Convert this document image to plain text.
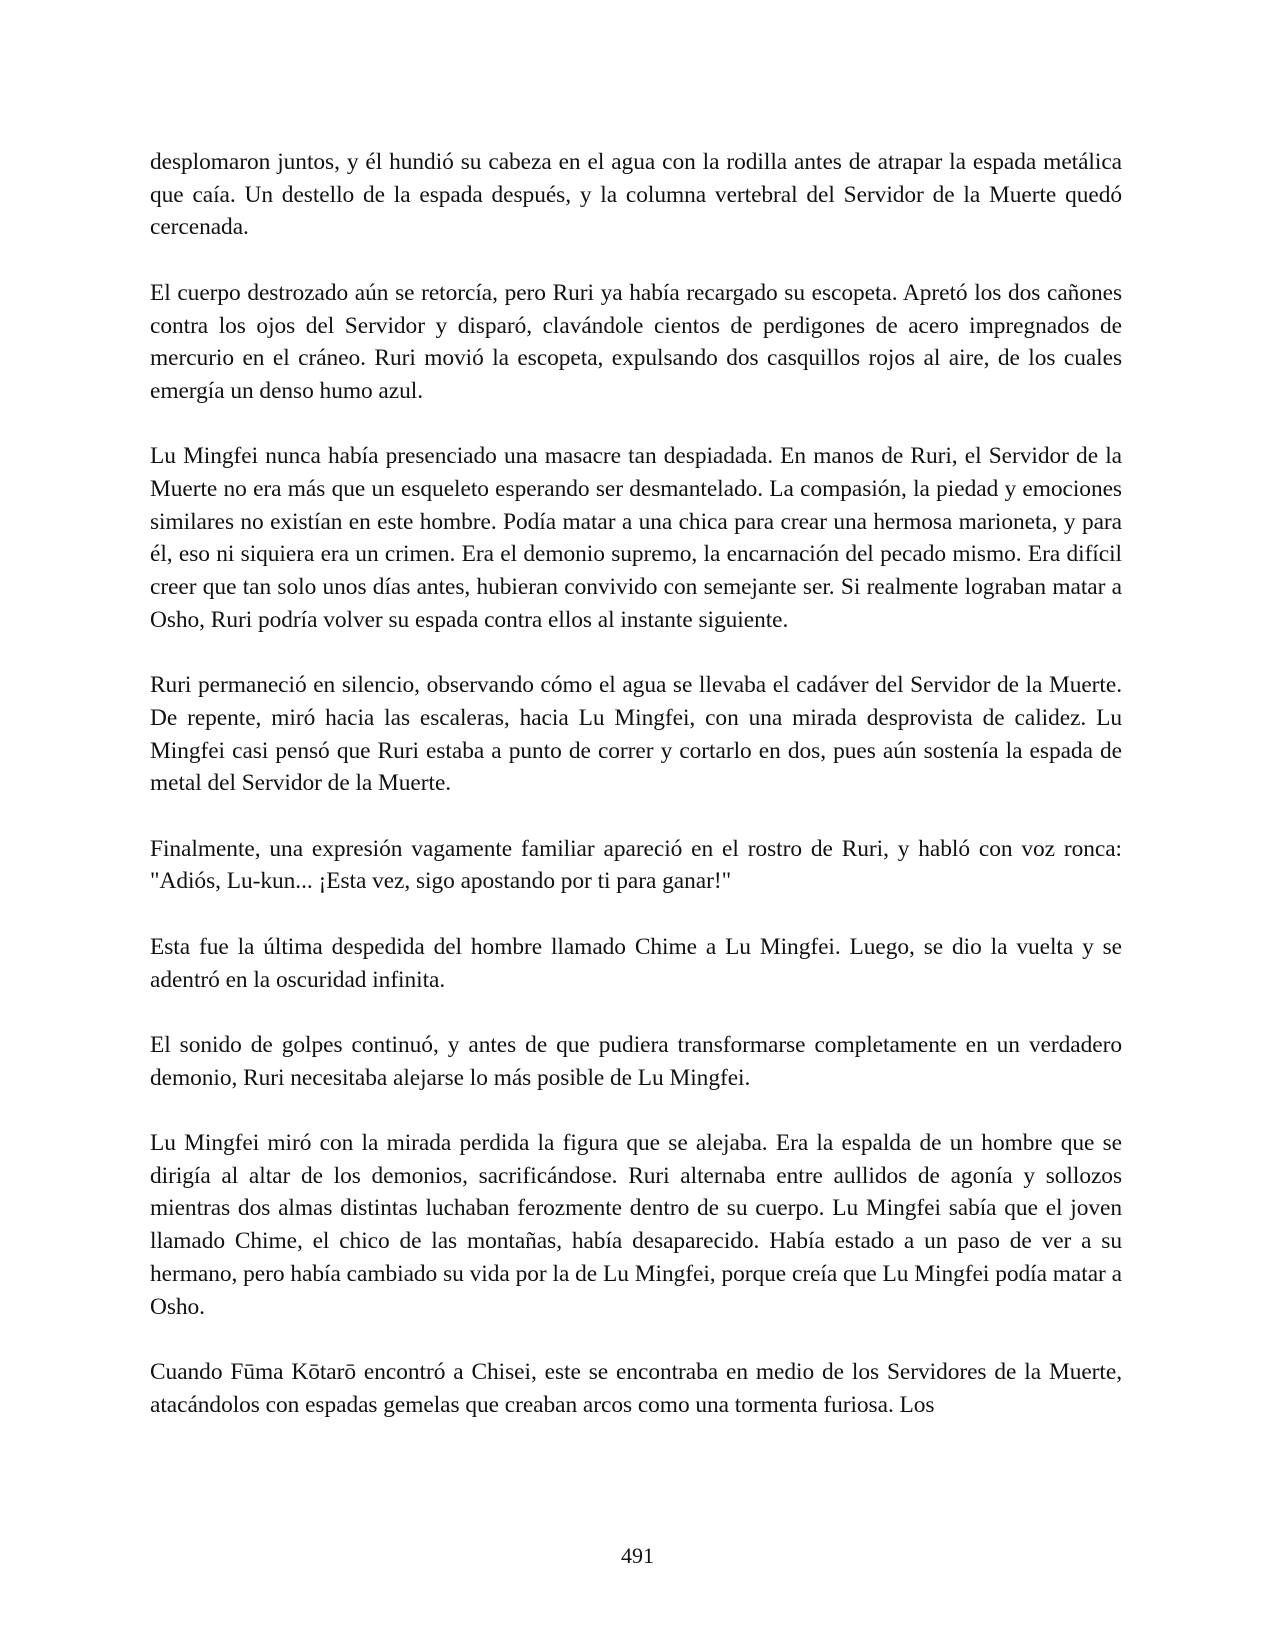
desplomaron juntos, y él hundió su cabeza en el agua con la rodilla antes de atrapar la espada metálica que caía. Un destello de la espada después, y la columna vertebral del Servidor de la Muerte quedó cercenada.

El cuerpo destrozado aún se retorcía, pero Ruri ya había recargado su escopeta. Apretó los dos cañones contra los ojos del Servidor y disparó, clavándole cientos de perdigones de acero impregnados de mercurio en el cráneo. Ruri movió la escopeta, expulsando dos casquillos rojos al aire, de los cuales emergía un denso humo azul.

Lu Mingfei nunca había presenciado una masacre tan despiadada. En manos de Ruri, el Servidor de la Muerte no era más que un esqueleto esperando ser desmantelado. La compasión, la piedad y emociones similares no existían en este hombre. Podía matar a una chica para crear una hermosa marioneta, y para él, eso ni siquiera era un crimen. Era el demonio supremo, la encarnación del pecado mismo. Era difícil creer que tan solo unos días antes, hubieran convivido con semejante ser. Si realmente lograban matar a Osho, Ruri podría volver su espada contra ellos al instante siguiente.

Ruri permaneció en silencio, observando cómo el agua se llevaba el cadáver del Servidor de la Muerte. De repente, miró hacia las escaleras, hacia Lu Mingfei, con una mirada desprovista de calidez. Lu Mingfei casi pensó que Ruri estaba a punto de correr y cortarlo en dos, pues aún sostenía la espada de metal del Servidor de la Muerte.

Finalmente, una expresión vagamente familiar apareció en el rostro de Ruri, y habló con voz ronca: "Adiós, Lu-kun... ¡Esta vez, sigo apostando por ti para ganar!"

Esta fue la última despedida del hombre llamado Chime a Lu Mingfei. Luego, se dio la vuelta y se adentró en la oscuridad infinita.

El sonido de golpes continuó, y antes de que pudiera transformarse completamente en un verdadero demonio, Ruri necesitaba alejarse lo más posible de Lu Mingfei.

Lu Mingfei miró con la mirada perdida la figura que se alejaba. Era la espalda de un hombre que se dirigía al altar de los demonios, sacrificándose. Ruri alternaba entre aullidos de agonía y sollozos mientras dos almas distintas luchaban ferozmente dentro de su cuerpo. Lu Mingfei sabía que el joven llamado Chime, el chico de las montañas, había desaparecido. Había estado a un paso de ver a su hermano, pero había cambiado su vida por la de Lu Mingfei, porque creía que Lu Mingfei podía matar a Osho.

Cuando Fūma Kōtarō encontró a Chisei, este se encontraba en medio de los Servidores de la Muerte, atacándolos con espadas gemelas que creaban arcos como una tormenta furiosa. Los

491
